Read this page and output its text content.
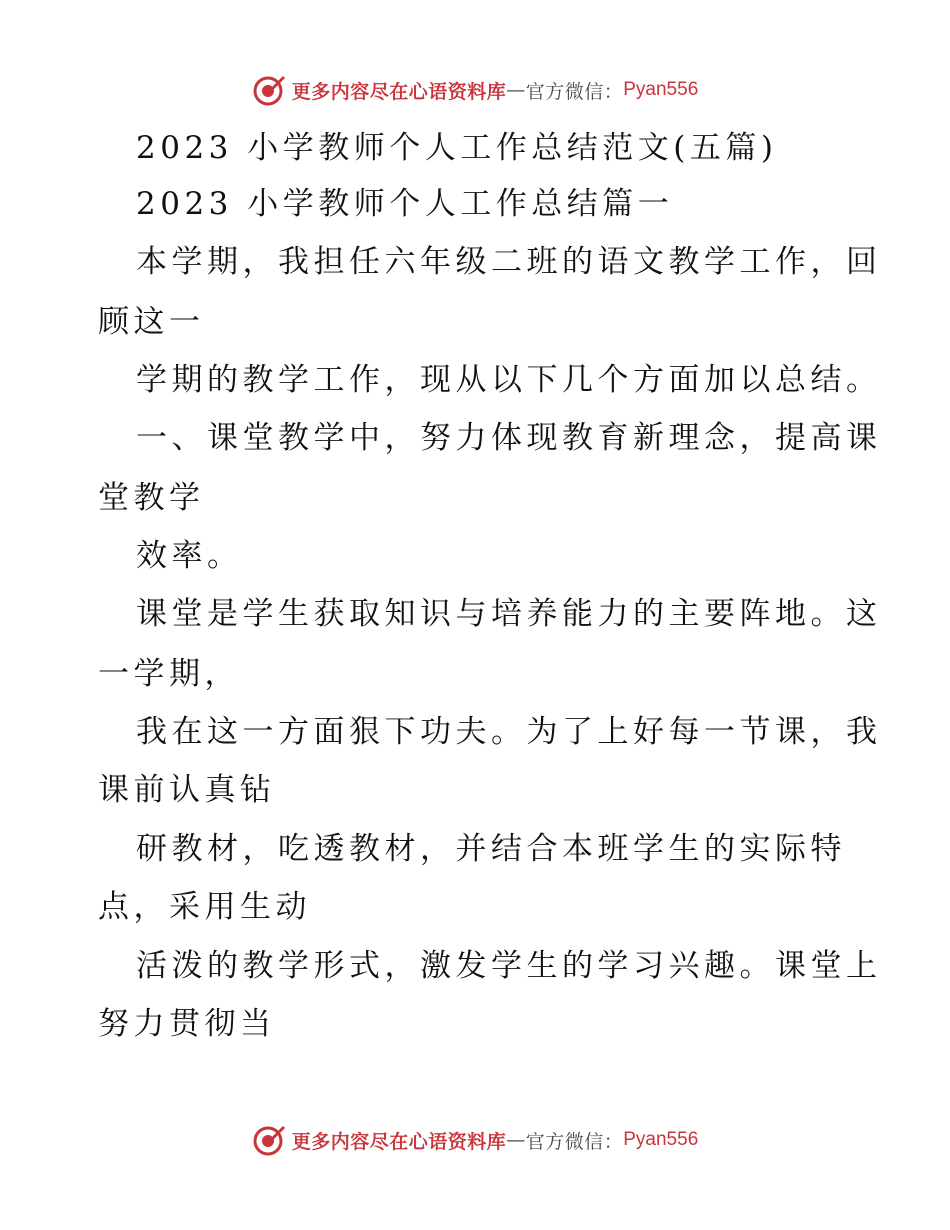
更多内容尽在心语资料库 — 官方微信： Pyan556
2023 小学教师个人工作总结范文(五篇)
2023 小学教师个人工作总结篇一
本学期，我担任六年级二班的语文教学工作，回
顾这一
学期的教学工作，现从以下几个方面加以总结。
一、课堂教学中，努力体现教育新理念，提高课
堂教学
效率。
课堂是学生获取知识与培养能力的主要阵地。这
一学期，
我在这一方面狠下功夫。为了上好每一节课，我
课前认真钻
研教材，吃透教材，并结合本班学生的实际特
点，采用生动
活泼的教学形式，激发学生的学习兴趣。课堂上
努力贯彻当
更多内容尽在心语资料库 — 官方微信： Pyan556
